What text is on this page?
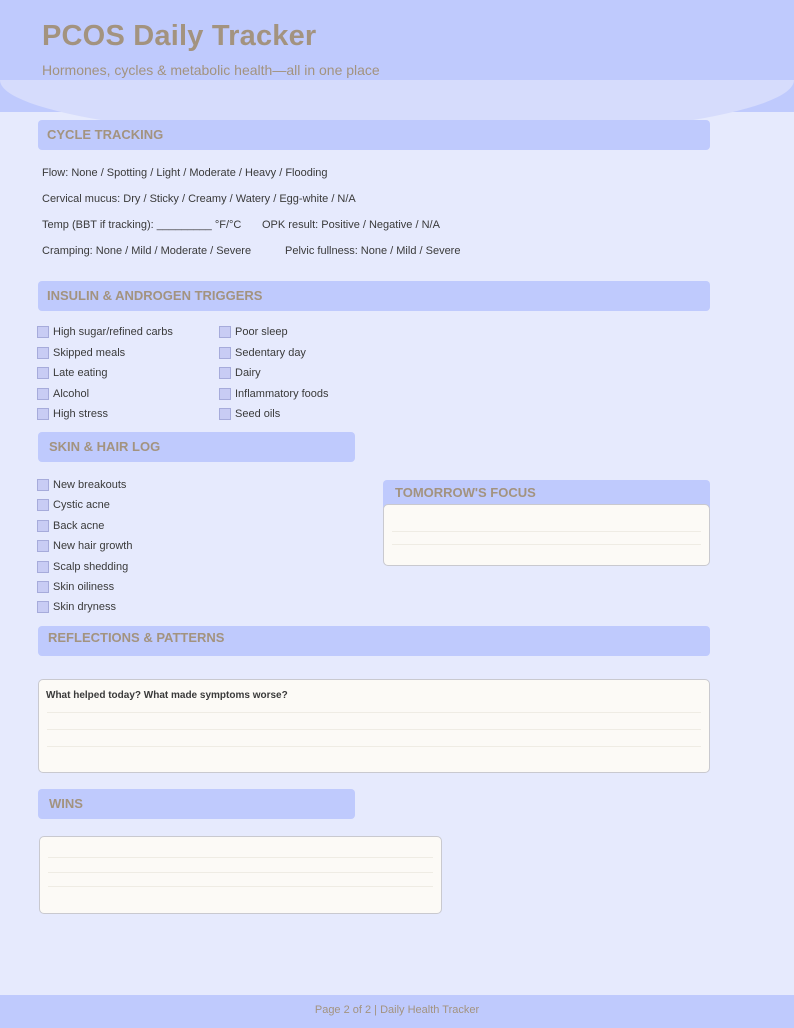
PCOS Daily Tracker

Hormones, cycles & metabolic health—all in one place

CYCLE TRACKING
Flow: None / Spotting / Light / Moderate / Heavy / Flooding
Cervical mucus: Dry / Sticky / Creamy / Watery / Egg-white / N/A
Temp (BBT if tracking): _________ °F/°C OPK result: Positive / Negative / N/A
Cramping: None / Mild / Moderate / Severe	Pelvic fullness: None / Mild / Severe
INSULIN & ANDROGEN TRIGGERS
High sugar/refined carbs
Skipped meals
Late eating
Alcohol
High stress
Poor sleep
Sedentary day
Dairy
Inflammatory foods
Seed oils
SKIN & HAIR LOG
New breakouts
Cystic acne
Back acne
New hair growth
Scalp shedding
Skin oiliness
Skin dryness
TOMORROW'S FOCUS
REFLECTIONS & PATTERNS
What helped today? What made symptoms worse?
WINS
Page 2 of 2 | Daily Health Tracker
